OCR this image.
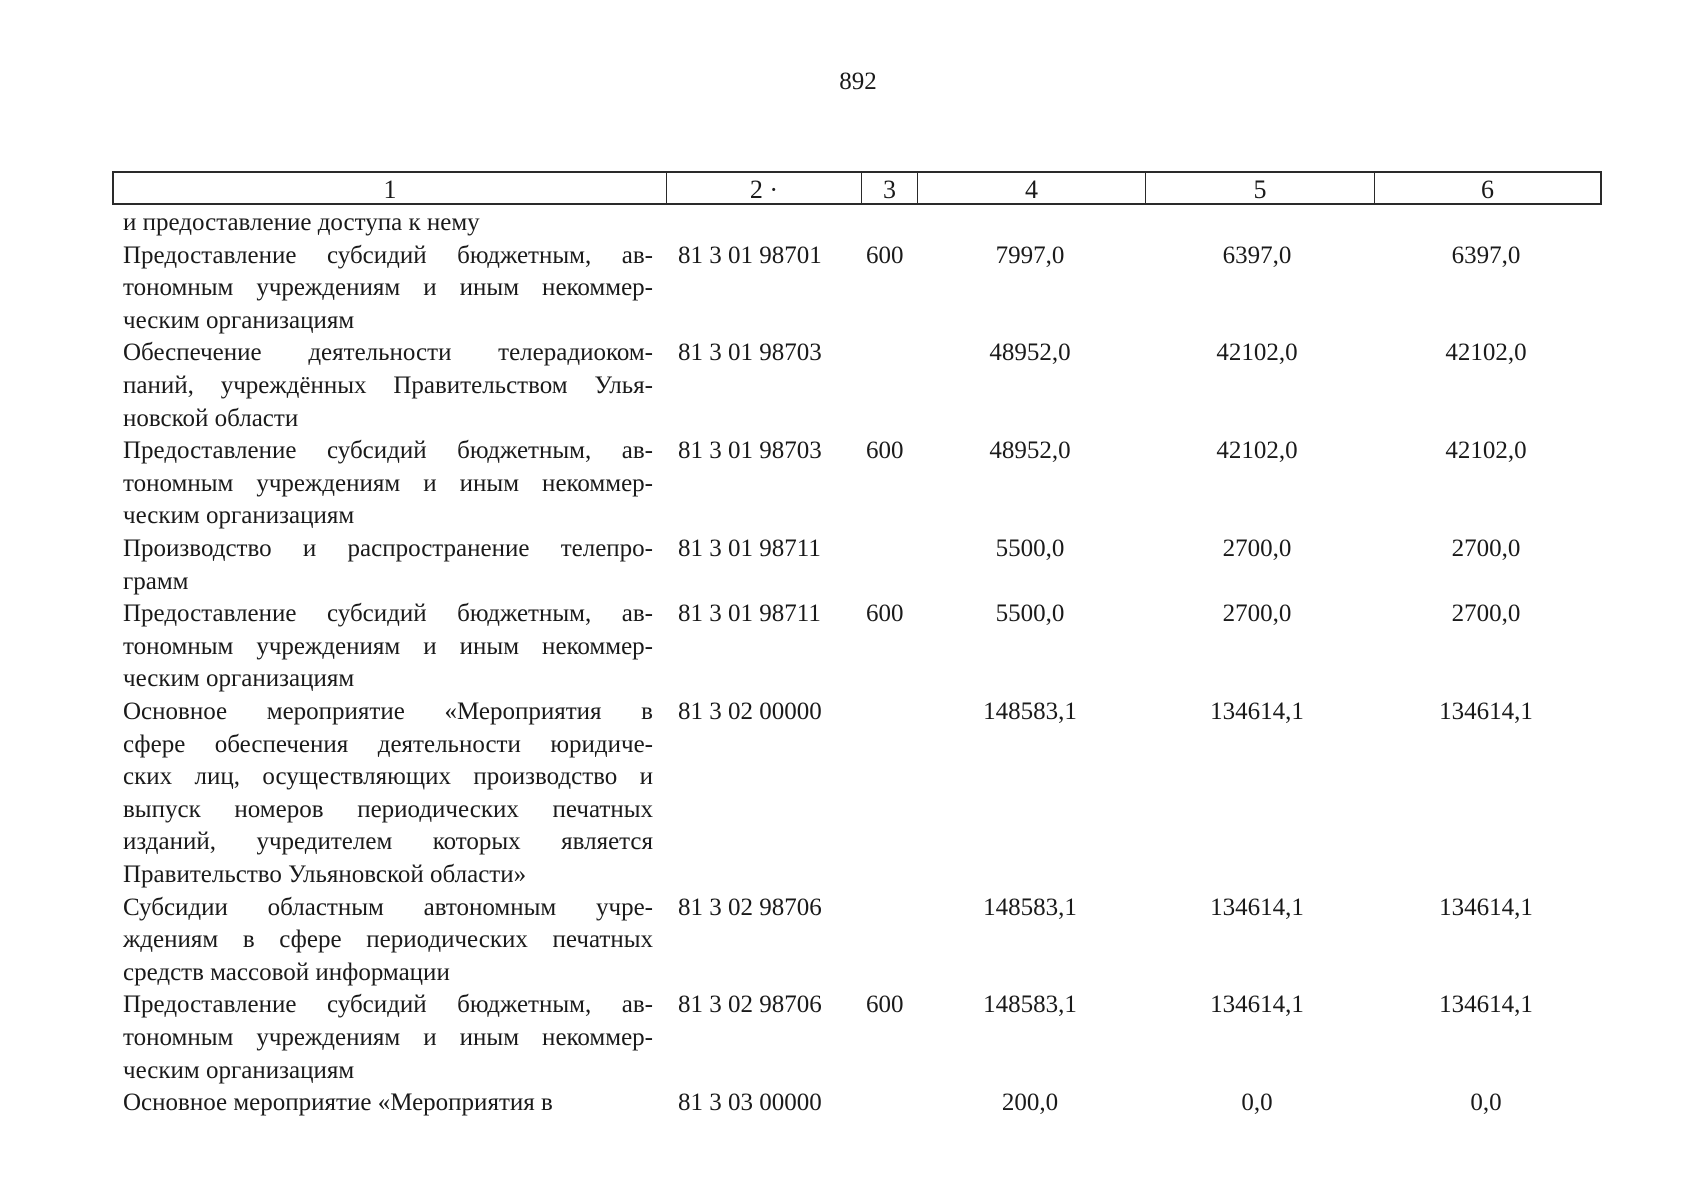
892
1	2 ·	3	4	5	6
и предоставление доступа к нему
Предоставление субсидий бюджетным, ав-
тономным учреждениям и иным некоммер-
ческим организациям
81 3 01 98701 600	7997,0	6397,0	6397,0
Обеспечение деятельности телерадиоком-
паний, учреждённых Правительством Улья-
новской области
81 3 01 98703	48952,0	42102,0	42102,0
Предоставление субсидий бюджетным, ав-
тономным учреждениям и иным некоммер-
ческим организациям
81 3 01 98703 600	48952,0	42102,0	42102,0
Производство и распространение телепро-
грамм
81 3 01 98711	5500,0	2700,0	2700,0
Предоставление субсидий бюджетным, ав-
тономным учреждениям и иным некоммер-
ческим организациям
81 3 01 98711 600	5500,0	2700,0	2700,0
Основное мероприятие «Мероприятия в
сфере обеспечения деятельности юридиче-
ских лиц, осуществляющих производство и
выпуск номеров периодических печатных
изданий, учредителем которых является
Правительство Ульяновской области»
81 3 02 00000	148583,1	134614,1	134614,1
Субсидии областным автономным учре-
ждениям в сфере периодических печатных
средств массовой информации
81 3 02 98706	148583,1	134614,1	134614,1
Предоставление субсидий бюджетным, ав-
тономным учреждениям и иным некоммер-
ческим организациям
81 3 02 98706 600	148583,1	134614,1	134614,1
Основное мероприятие «Мероприятия в	81 3 03 00000	200,0	0,0	0,0
